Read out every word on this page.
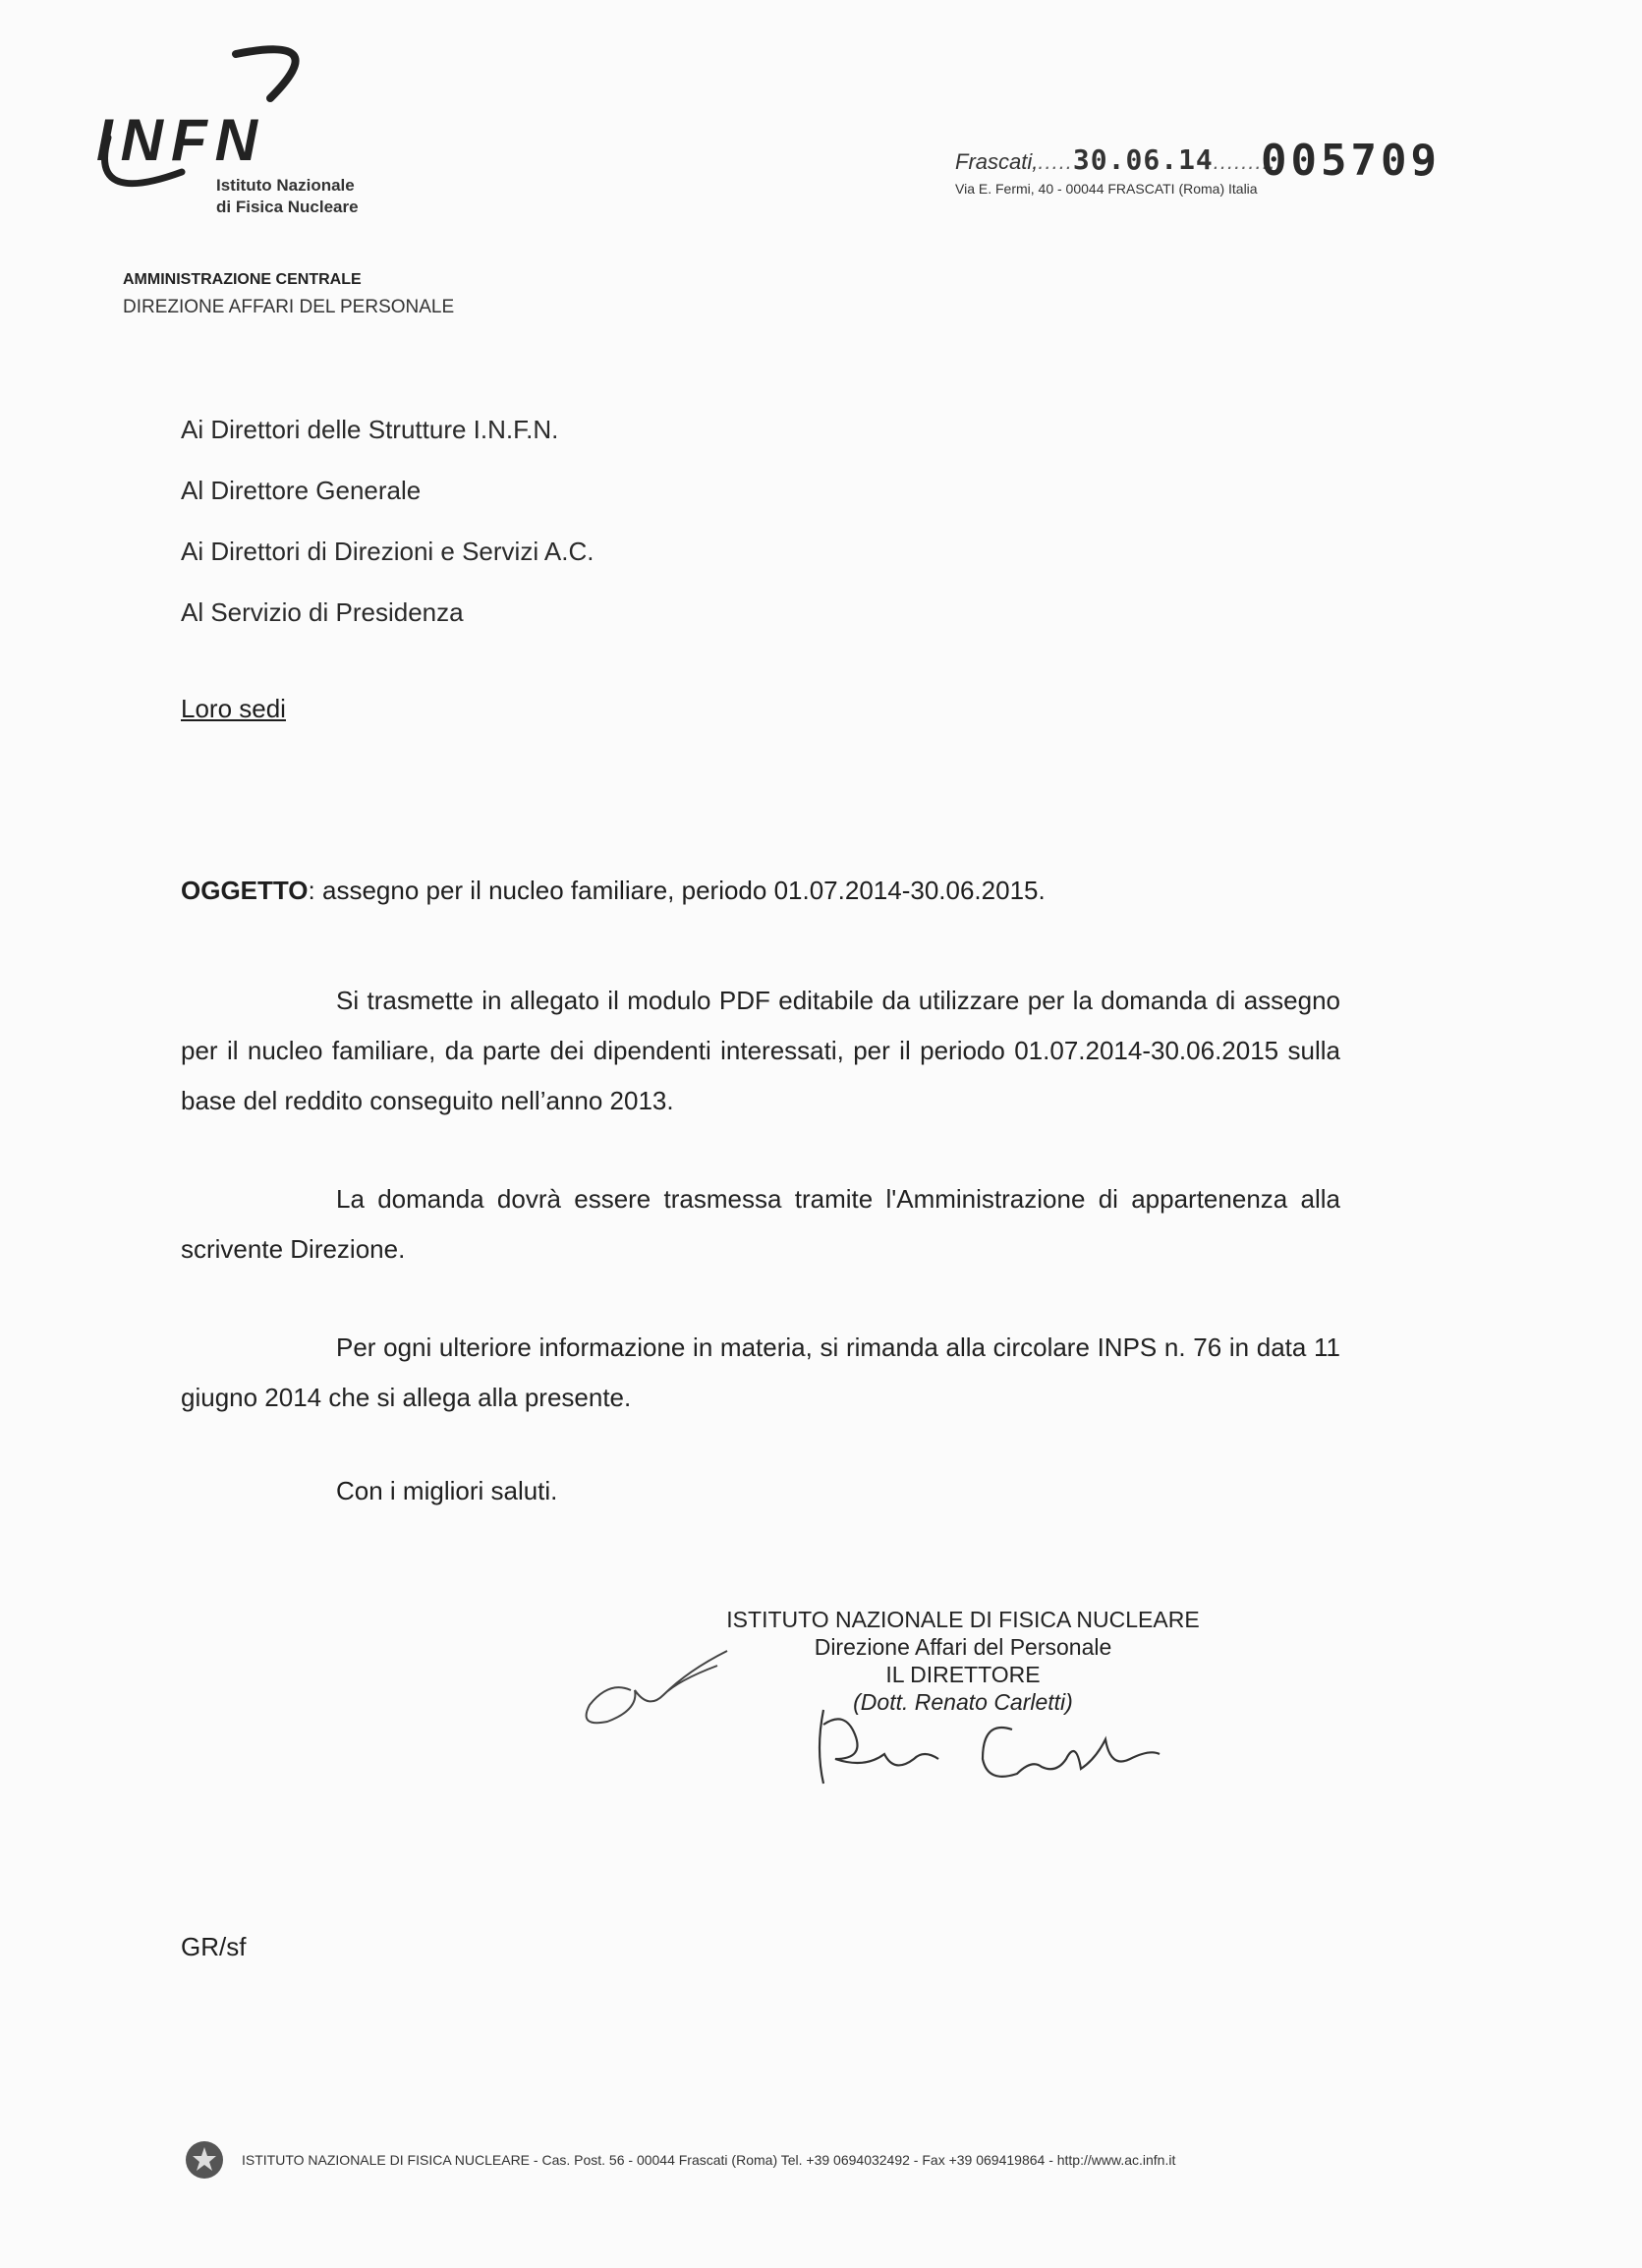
INFN
Istituto Nazionale
di Fisica Nucleare
Frascati,.....30.06.14.........
005709
Via E. Fermi, 40 - 00044 FRASCATI (Roma) Italia
AMMINISTRAZIONE CENTRALE
DIREZIONE AFFARI DEL PERSONALE
Ai Direttori delle Strutture I.N.F.N.
Al Direttore Generale
Ai Direttori di Direzioni e Servizi A.C.
Al Servizio di Presidenza
Loro sedi
OGGETTO: assegno per il nucleo familiare, periodo 01.07.2014-30.06.2015.
Si trasmette in allegato il modulo PDF editabile da utilizzare per la domanda di assegno per il nucleo familiare, da parte dei dipendenti interessati, per il periodo 01.07.2014-30.06.2015 sulla base del reddito conseguito nell’anno 2013.
La domanda dovrà essere trasmessa tramite l'Amministrazione di appartenenza alla scrivente Direzione.
Per ogni ulteriore informazione in materia, si rimanda alla circolare INPS n. 76 in data 11 giugno 2014 che si allega alla presente.
Con i migliori saluti.
ISTITUTO NAZIONALE DI FISICA NUCLEARE
Direzione Affari del Personale
IL DIRETTORE
(Dott. Renato Carletti)
GR/sf
ISTITUTO NAZIONALE DI FISICA NUCLEARE - Cas. Post. 56 - 00044 Frascati (Roma) Tel. +39 0694032492 - Fax +39 069419864 - http://www.ac.infn.it
